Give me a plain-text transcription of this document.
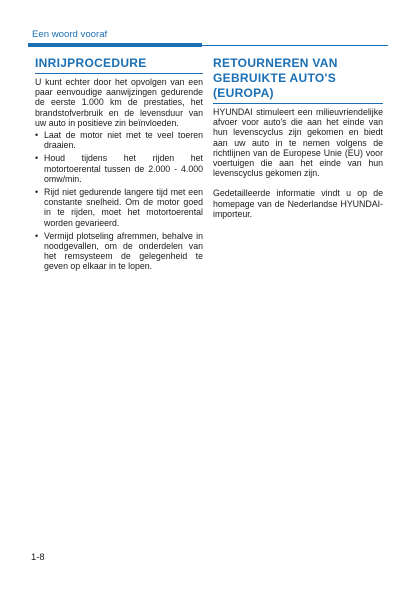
Een woord vooraf
INRIJPROCEDURE

U kunt echter door het opvolgen van een paar eenvoudige aanwijzingen gedurende de eerste 1.000 km de prestaties, het brandstofverbruik en de levensduur van uw auto in positieve zin beïnvloeden.

• Laat de motor niet met te veel toeren draaien.
• Houd tijdens het rijden het motortoerental tussen de 2.000 - 4.000 omw/min.
• Rijd niet gedurende langere tijd met een constante snelheid. Om de motor goed in te rijden, moet het motortoerental worden gevarieerd.
• Vermijd plotseling afremmen, behalve in noodgevallen, om de onderdelen van het remsysteem de gelegenheid te geven op elkaar in te lopen.
RETOURNEREN VAN
GEBRUIKTE AUTO'S
(EUROPA)

HYUNDAI stimuleert een milieuvriendelijke afvoer voor auto's die aan het einde van hun levenscyclus zijn gekomen en biedt aan uw auto in te nemen volgens de richtlijnen van de Europese Unie (EU) voor voertuigen die aan het einde van hun levenscyclus gekomen zijn.

Gedetailleerde informatie vindt u op de homepage van de Nederlandse HYUNDAI-importeur.

1-8
